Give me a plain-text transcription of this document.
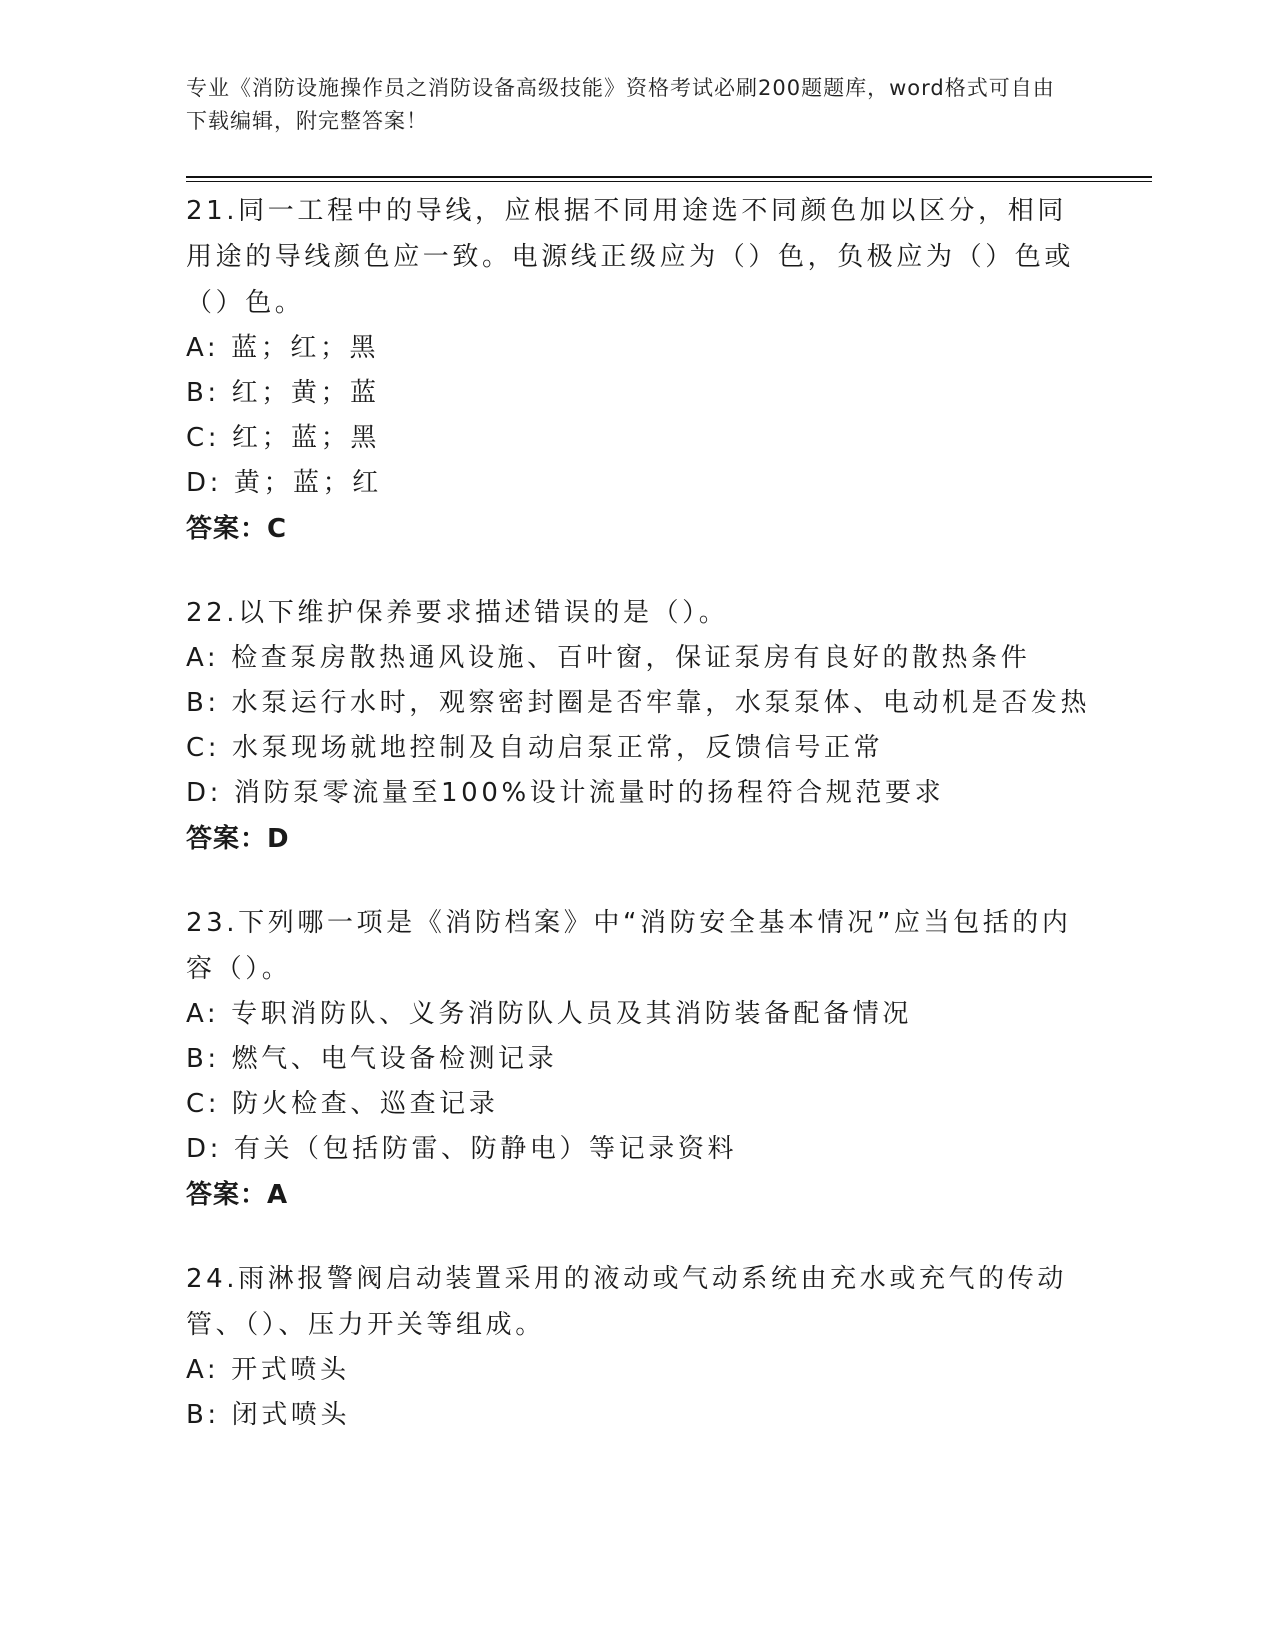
专业《消防设施操作员之消防设备高级技能》资格考试必刷200题题库，word格式可自由下载编辑，附完整答案！

21.同一工程中的导线，应根据不同用途选不同颜色加以区分，相同用途的导线颜色应一致。电源线正级应为（）色，负极应为（）色或（）色。

A: 蓝；红；黑

B: 红；黄；蓝

C: 红；蓝；黑

D: 黄；蓝；红

答案：C

22.以下维护保养要求描述错误的是（）。

A: 检查泵房散热通风设施、百叶窗，保证泵房有良好的散热条件

B: 水泵运行水时，观察密封圈是否牢靠，水泵泵体、电动机是否发热

C: 水泵现场就地控制及自动启泵正常，反馈信号正常

D: 消防泵零流量至100%设计流量时的扬程符合规范要求

答案：D

23.下列哪一项是《消防档案》中“消防安全基本情况”应当包括的内容（）。

A: 专职消防队、义务消防队人员及其消防装备配备情况

B: 燃气、电气设备检测记录

C: 防火检查、巡查记录

D: 有关（包括防雷、防静电）等记录资料

答案：A

24.雨淋报警阀启动装置采用的液动或气动系统由充水或充气的传动管、（）、压力开关等组成。

A: 开式喷头

B: 闭式喷头
